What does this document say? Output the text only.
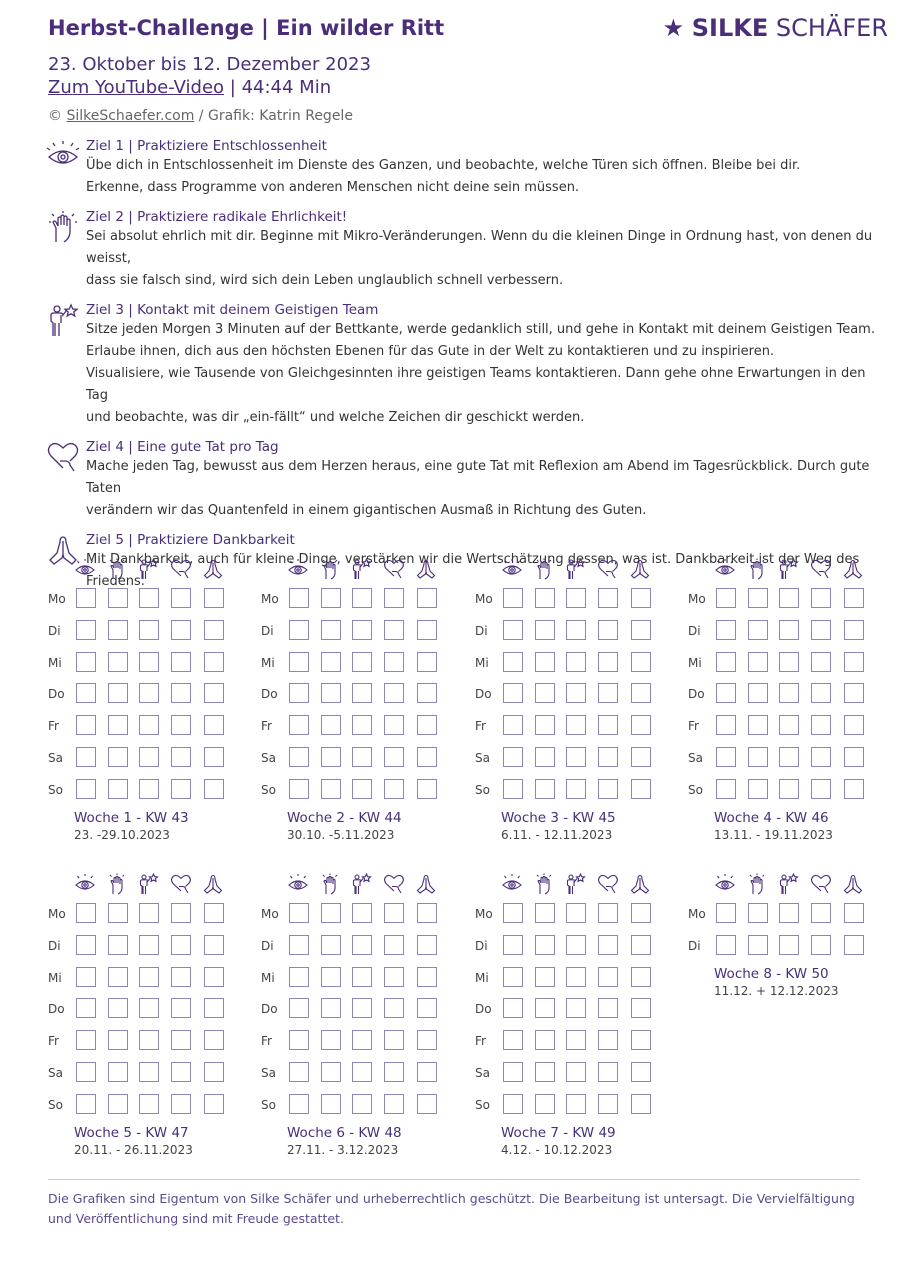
Herbst-Challenge | Ein wilder Ritt
23. Oktober bis 12. Dezember 2023
Zum YouTube-Video | 44:44 Min
© SilkeSchaefer.com / Grafik: Katrin Regele
★ SILKE SCHÄFER
Ziel 1 | Praktiziere Entschlossenheit
Übe dich in Entschlossenheit im Dienste des Ganzen, und beobachte, welche Türen sich öffnen. Bleibe bei dir.
Erkenne, dass Programme von anderen Menschen nicht deine sein müssen.
Ziel 2 | Praktiziere radikale Ehrlichkeit!
Sei absolut ehrlich mit dir. Beginne mit Mikro-Veränderungen. Wenn du die kleinen Dinge in Ordnung hast, von denen du weisst,
dass sie falsch sind, wird sich dein Leben unglaublich schnell verbessern.
Ziel 3 | Kontakt mit deinem Geistigen Team
Sitze jeden Morgen 3 Minuten auf der Bettkante, werde gedanklich still, und gehe in Kontakt mit deinem Geistigen Team.
Erlaube ihnen, dich aus den höchsten Ebenen für das Gute in der Welt zu kontaktieren und zu inspirieren.
Visualisiere, wie Tausende von Gleichgesinnten ihre geistigen Teams kontaktieren. Dann gehe ohne Erwartungen in den Tag
und beobachte, was dir „ein-fällt“ und welche Zeichen dir geschickt werden.
Ziel 4 | Eine gute Tat pro Tag
Mache jeden Tag, bewusst aus dem Herzen heraus, eine gute Tat mit Reflexion am Abend im Tagesrückblick. Durch gute Taten
verändern wir das Quantenfeld in einem gigantischen Ausmaß in Richtung des Guten.
Ziel 5 | Praktiziere Dankbarkeit
Mit Dankbarkeit, auch für kleine Dinge, verstärken wir die Wertschätzung dessen, was ist. Dankbarkeit ist der Weg des Friedens.
Mo
Di
Mi
Do
Fr
Sa
So
Woche 1 - KW 43
23. -29.10.2023
Mo
Di
Mi
Do
Fr
Sa
So
Woche 2 - KW 44
30.10. -5.11.2023
Mo
Di
Mi
Do
Fr
Sa
So
Woche 3 - KW 45
6.11. - 12.11.2023
Mo
Di
Mi
Do
Fr
Sa
So
Woche 4 - KW 46
13.11. - 19.11.2023
Mo
Di
Mi
Do
Fr
Sa
So
Woche 5 - KW 47
20.11. - 26.11.2023
Mo
Di
Mi
Do
Fr
Sa
So
Woche 6 - KW 48
27.11. - 3.12.2023
Mo
Di
Mi
Do
Fr
Sa
So
Woche 7 - KW 49
4.12. - 10.12.2023
Mo
Di
Woche 8 - KW 50
11.12. + 12.12.2023
Die Grafiken sind Eigentum von Silke Schäfer und urheberrechtlich geschützt. Die Bearbeitung ist untersagt. Die Vervielfältigung und Veröffentlichung sind mit Freude gestattet.
